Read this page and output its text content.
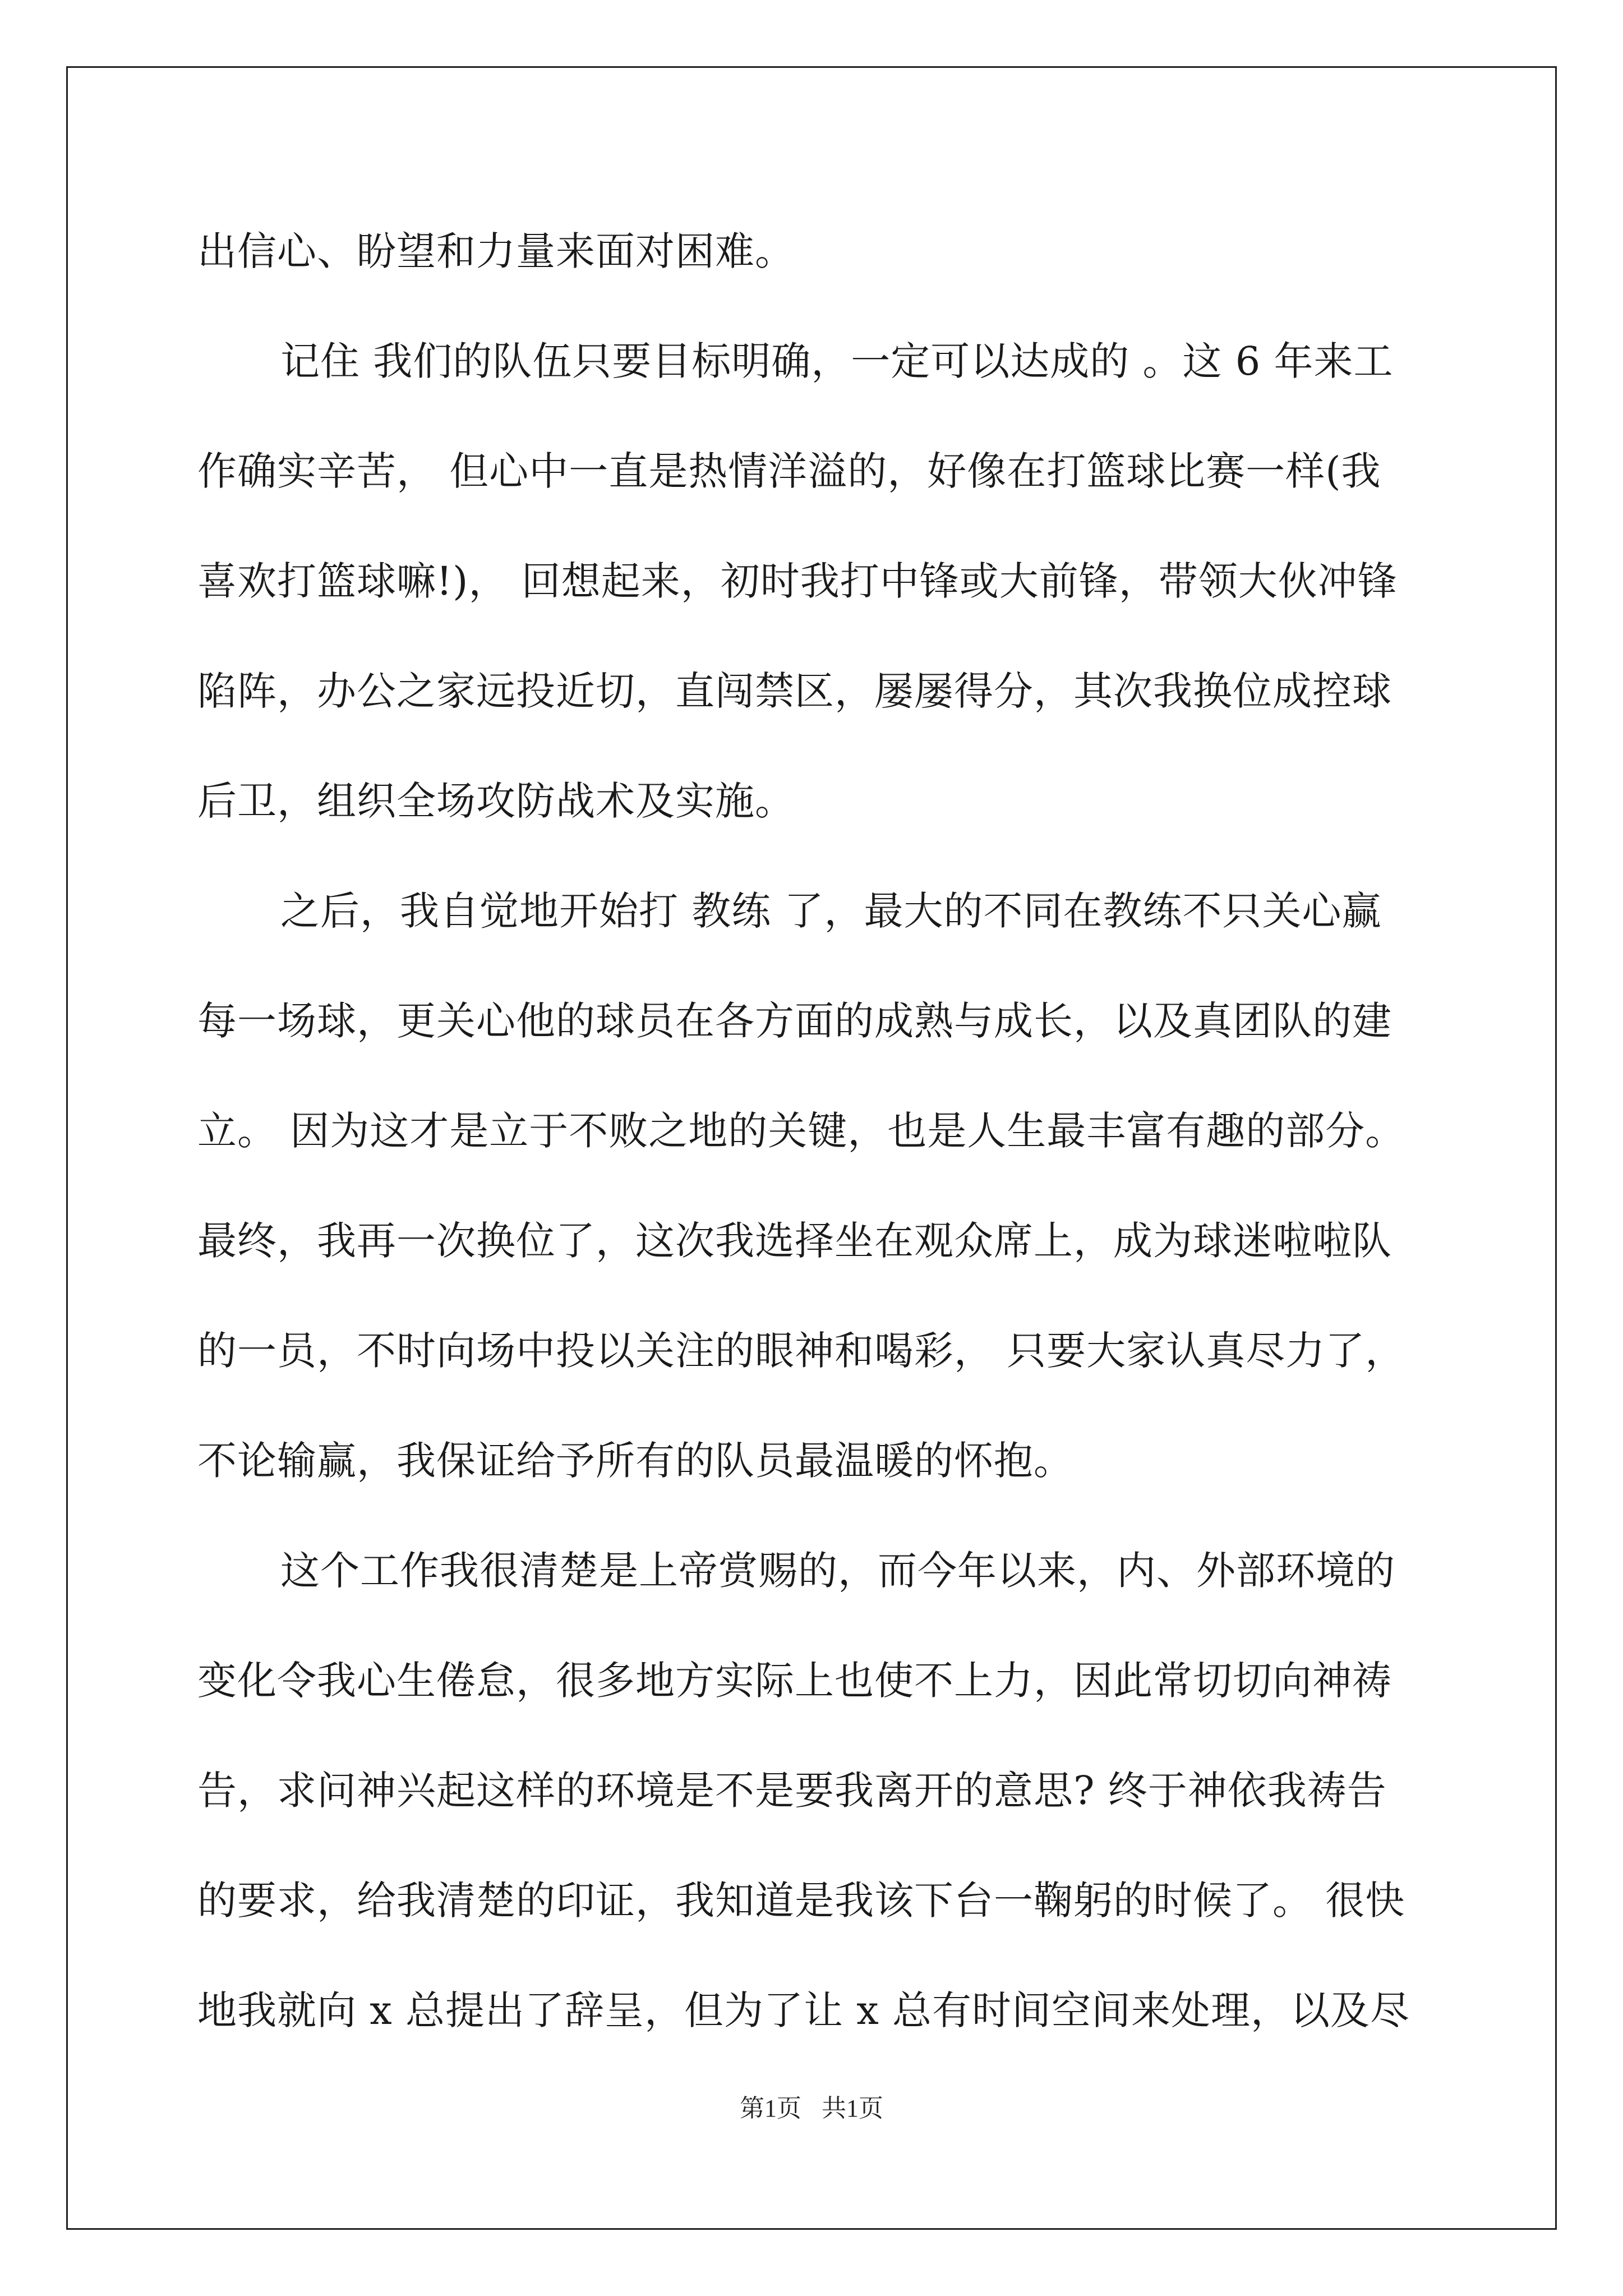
出信心、盼望和力量来面对困难。
记住 我们的队伍只要目标明确，一定可以达成的 。这 6 年来工
作确实辛苦， 但心中一直是热情洋溢的，好像在打篮球比赛一样(我
喜欢打篮球嘛!)， 回想起来，初时我打中锋或大前锋，带领大伙冲锋
陷阵，办公之家远投近切，直闯禁区，屡屡得分，其次我换位成控球
后卫，组织全场攻防战术及实施。
之后，我自觉地开始打 教练 了，最大的不同在教练不只关心赢
每一场球，更关心他的球员在各方面的成熟与成长，以及真团队的建
立。 因为这才是立于不败之地的关键，也是人生最丰富有趣的部分。
最终，我再一次换位了，这次我选择坐在观众席上，成为球迷啦啦队
的一员，不时向场中投以关注的眼神和喝彩， 只要大家认真尽力了，
不论输赢，我保证给予所有的队员最温暖的怀抱。
这个工作我很清楚是上帝赏赐的，而今年以来，内、外部环境的
变化令我心生倦怠，很多地方实际上也使不上力，因此常切切向神祷
告，求问神兴起这样的环境是不是要我离开的意思? 终于神依我祷告
的要求，给我清楚的印证，我知道是我该下台一鞠躬的时候了。 很快
地我就向 x 总提出了辞呈，但为了让 x 总有时间空间来处理，以及尽
第1页 共1页
